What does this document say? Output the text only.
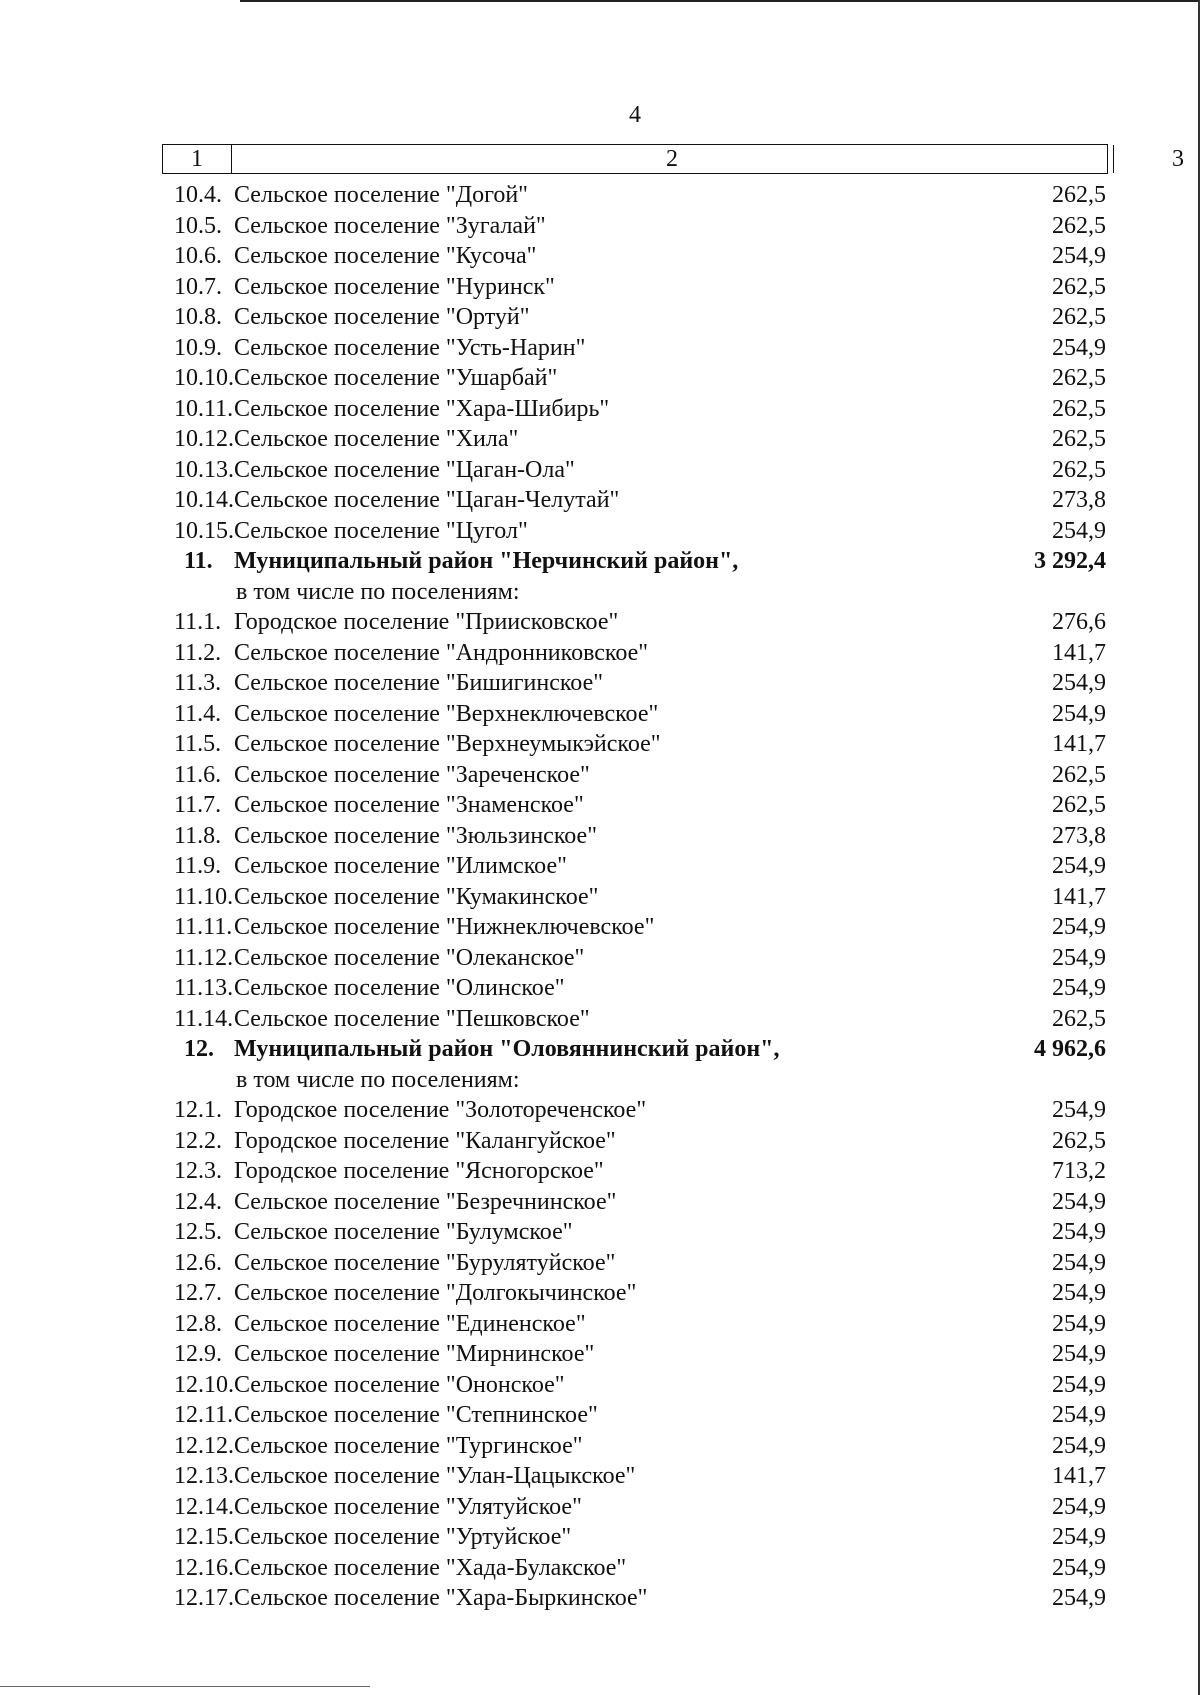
4
1	2	3
10.4. Сельское поселение "Догой"	262,5
10.5. Сельское поселение "Зугалай"	262,5
10.6. Сельское поселение "Кусоча"	254,9
10.7. Сельское поселение "Нуринск"	262,5
10.8. Сельское поселение "Ортуй"	262,5
10.9. Сельское поселение "Усть-Нарин"	254,9
10.10. Сельское поселение "Ушарбай"	262,5
10.11. Сельское поселение "Хара-Шибирь"	262,5
10.12. Сельское поселение "Хила"	262,5
10.13. Сельское поселение "Цаган-Ола"	262,5
10.14. Сельское поселение "Цаган-Челутай"	273,8
10.15. Сельское поселение "Цугол"	254,9
11. Муниципальный район "Нерчинский район",	3 292,4
в том числе по поселениям:
11.1. Городское поселение "Приисковское"	276,6
11.2. Сельское поселение "Андронниковское"	141,7
11.3. Сельское поселение "Бишигинское"	254,9
11.4. Сельское поселение "Верхнеключевское"	254,9
11.5. Сельское поселение "Верхнеумыкэйское"	141,7
11.6. Сельское поселение "Зареченское"	262,5
11.7. Сельское поселение "Знаменское"	262,5
11.8. Сельское поселение "Зюльзинское"	273,8
11.9. Сельское поселение "Илимское"	254,9
11.10. Сельское поселение "Кумакинское"	141,7
11.11. Сельское поселение "Нижнеключевское"	254,9
11.12. Сельское поселение "Олеканское"	254,9
11.13. Сельское поселение "Олинское"	254,9
11.14. Сельское поселение "Пешковское"	262,5
12. Муниципальный район "Оловяннинский район",	4 962,6
в том числе по поселениям:
12.1. Городское поселение "Золотореченское"	254,9
12.2. Городское поселение "Калангуйское"	262,5
12.3. Городское поселение "Ясногорское"	713,2
12.4. Сельское поселение "Безречнинское"	254,9
12.5. Сельское поселение "Булумское"	254,9
12.6. Сельское поселение "Бурулятуйское"	254,9
12.7. Сельское поселение "Долгокычинское"	254,9
12.8. Сельское поселение "Единенское"	254,9
12.9. Сельское поселение "Мирнинское"	254,9
12.10. Сельское поселение "Ононское"	254,9
12.11. Сельское поселение "Степнинское"	254,9
12.12. Сельское поселение "Тургинское"	254,9
12.13. Сельское поселение "Улан-Цацыкское"	141,7
12.14. Сельское поселение "Улятуйское"	254,9
12.15. Сельское поселение "Уртуйское"	254,9
12.16. Сельское поселение "Хада-Булакское"	254,9
12.17. Сельское поселение "Хара-Быркинское"	254,9
